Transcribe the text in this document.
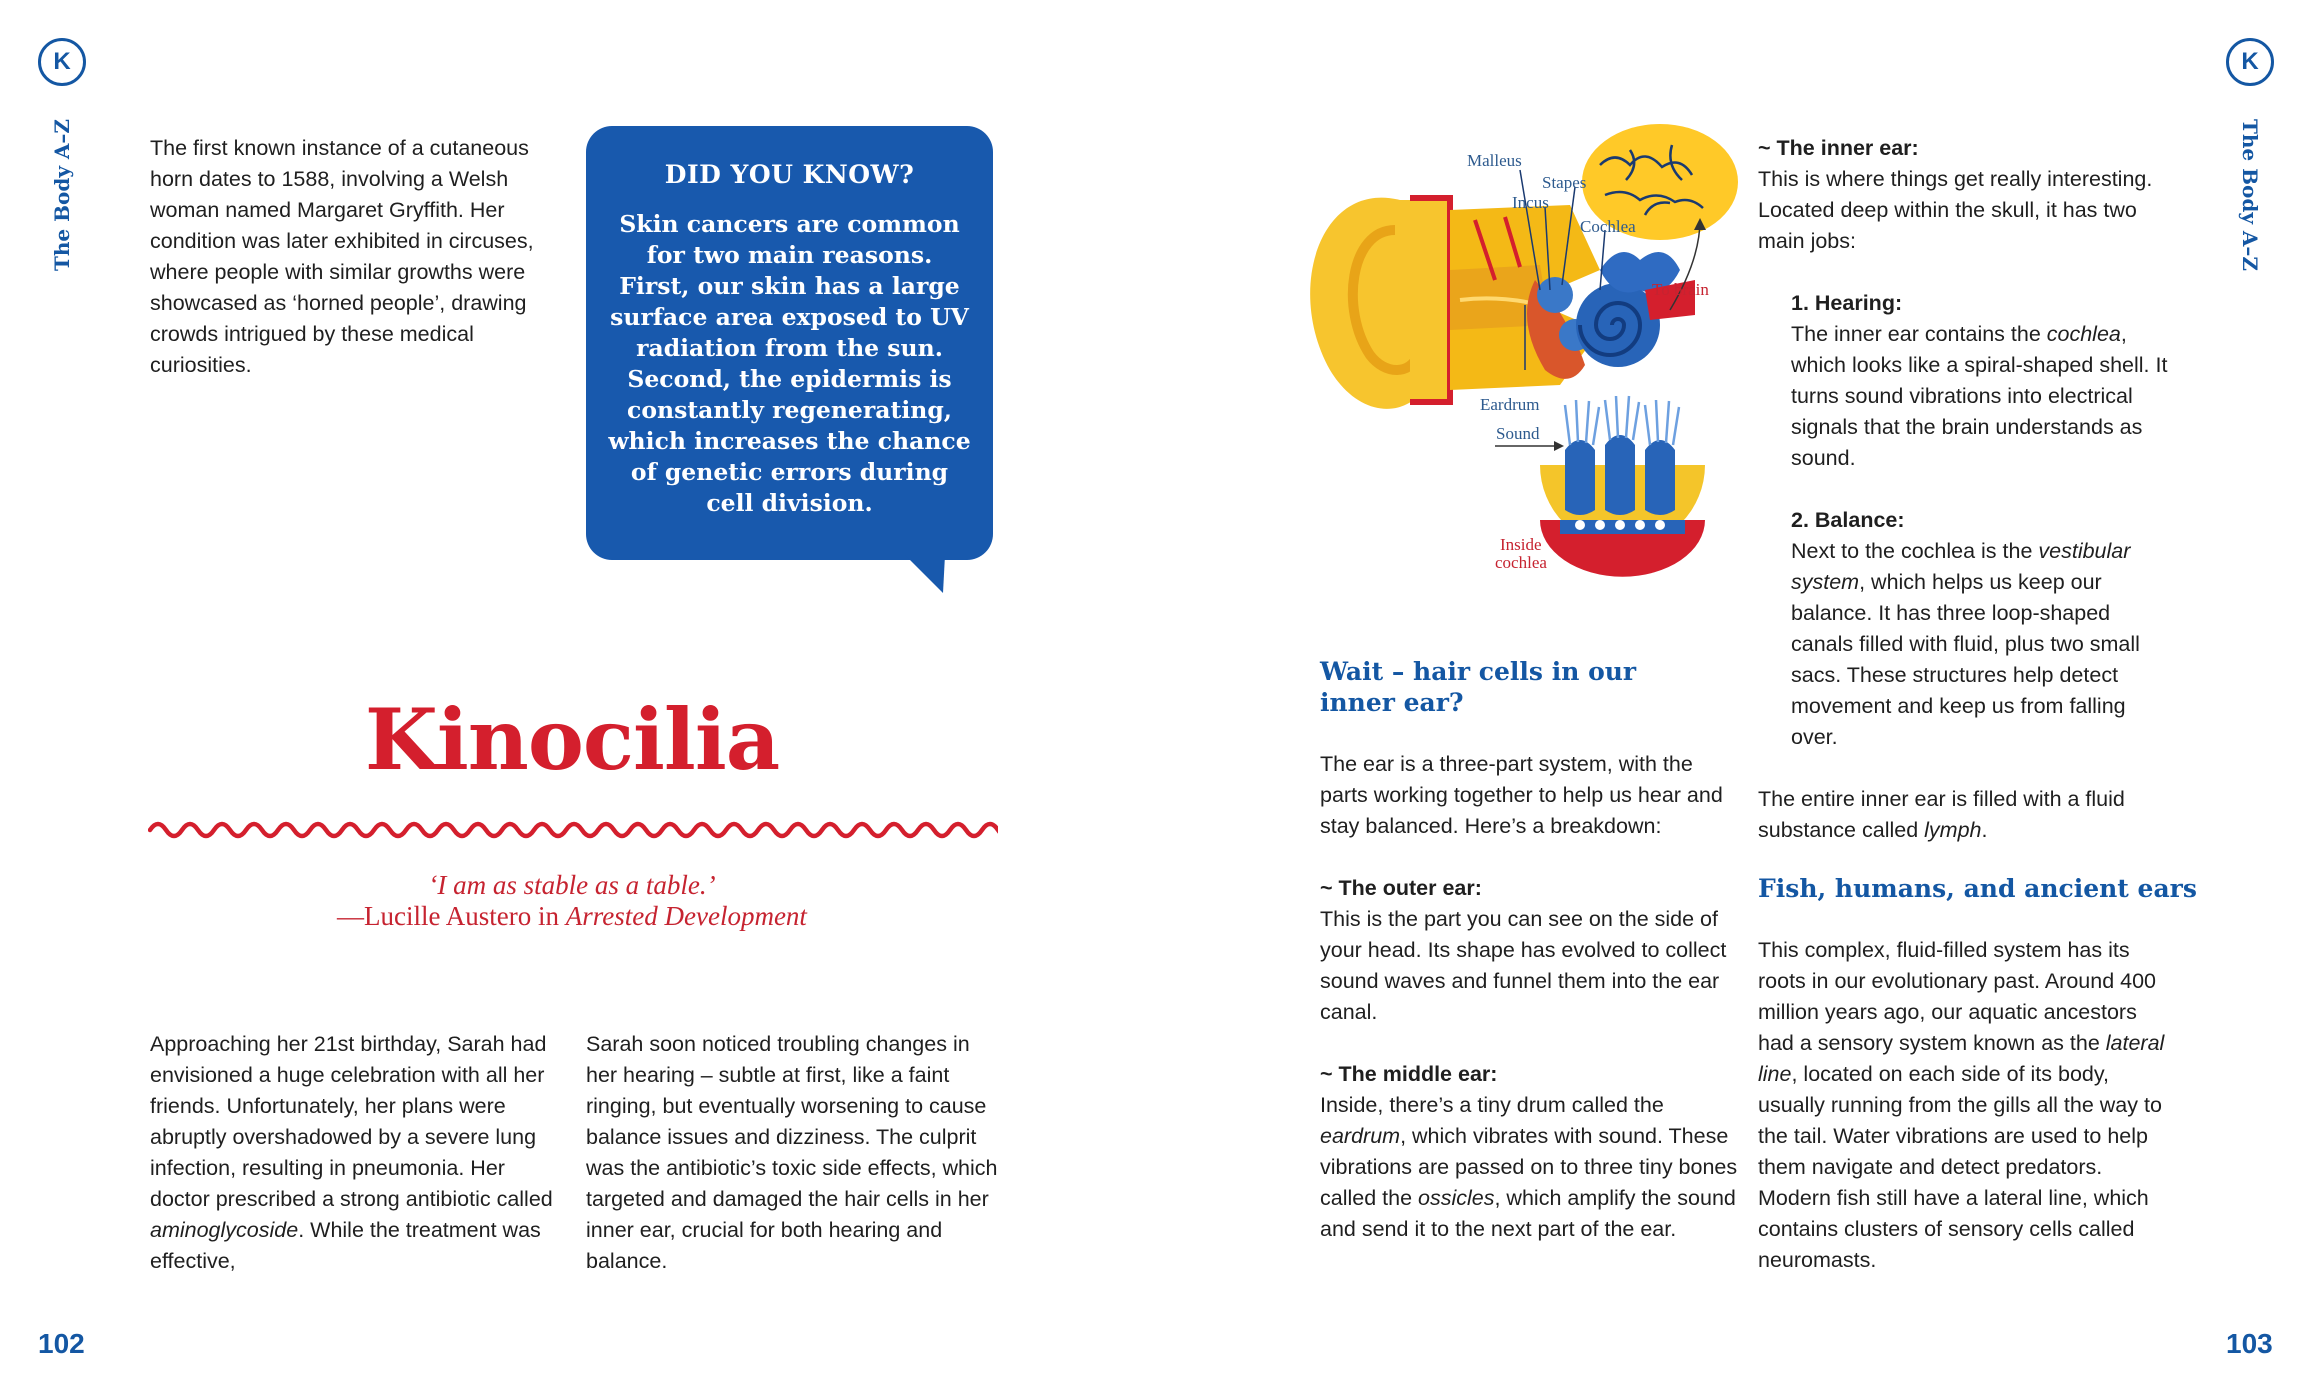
K
The Body A–Z	The first known instance of a cutaneous horn dates to 1588, involving a Welsh woman named Margaret Gryffith. Her condition was later exhibited in circuses, where people with similar growths were showcased as ‘horned people’, drawing crowds intrigued by these medical curiosities.

DID YOU KNOW?
Skin cancers are common for two main reasons. First, our skin has a large surface area exposed to UV radiation from the sun. Second, the epidermis is constantly regenerating, which increases the chance of genetic errors during cell division.
Kinocilia
‘I am as stable as a table.’
—Lucille Austero in Arrested Development

Approaching her 21st birthday, Sarah had envisioned a huge celebration with all her friends. Unfortunately, her plans were abruptly overshadowed by a severe lung infection, resulting in pneumonia. Her doctor prescribed a strong antibiotic called aminoglycoside. While the treatment was effective,

Sarah soon noticed troubling changes in her hearing – subtle at first, like a faint ringing, but eventually worsening to cause balance issues and dizziness. The culprit was the antibiotic’s toxic side effects, which targeted and damaged the hair cells in her inner ear, crucial for both hearing and balance.

102
Malleus
Stapes
Incus
Cochlea
To brain
Eardrum
Sound
Inside
cochlea
Wait – hair cells in our
inner ear?

The ear is a three-part system, with the parts working together to help us hear and stay balanced. Here’s a breakdown:

~ The outer ear:
This is the part you can see on the side of your head. Its shape has evolved to collect sound waves and funnel them into the ear canal.

~ The middle ear:
Inside, there’s a tiny drum called the eardrum, which vibrates with sound. These vibrations are passed on to three tiny bones called the ossicles, which amplify the sound and send it to the next part of the ear.

~ The inner ear:
This is where things get really interesting. Located deep within the skull, it has two main jobs:

1. Hearing:
The inner ear contains the cochlea, which looks like a spiral-shaped shell. It turns sound vibrations into electrical signals that the brain understands as sound.

2. Balance:
Next to the cochlea is the vestibular system, which helps us keep our balance. It has three loop-shaped canals filled with fluid, plus two small sacs. These structures help detect movement and keep us from falling over.

The entire inner ear is filled with a fluid substance called lymph.

Fish, humans, and ancient ears

This complex, fluid-filled system has its roots in our evolutionary past. Around 400 million years ago, our aquatic ancestors had a sensory system known as the lateral line, located on each side of its body, usually running from the gills all the way to the tail. Water vibrations are used to help them navigate and detect predators. Modern fish still have a lateral line, which contains clusters of sensory cells called neuromasts.

K
The Body A–Z
103
